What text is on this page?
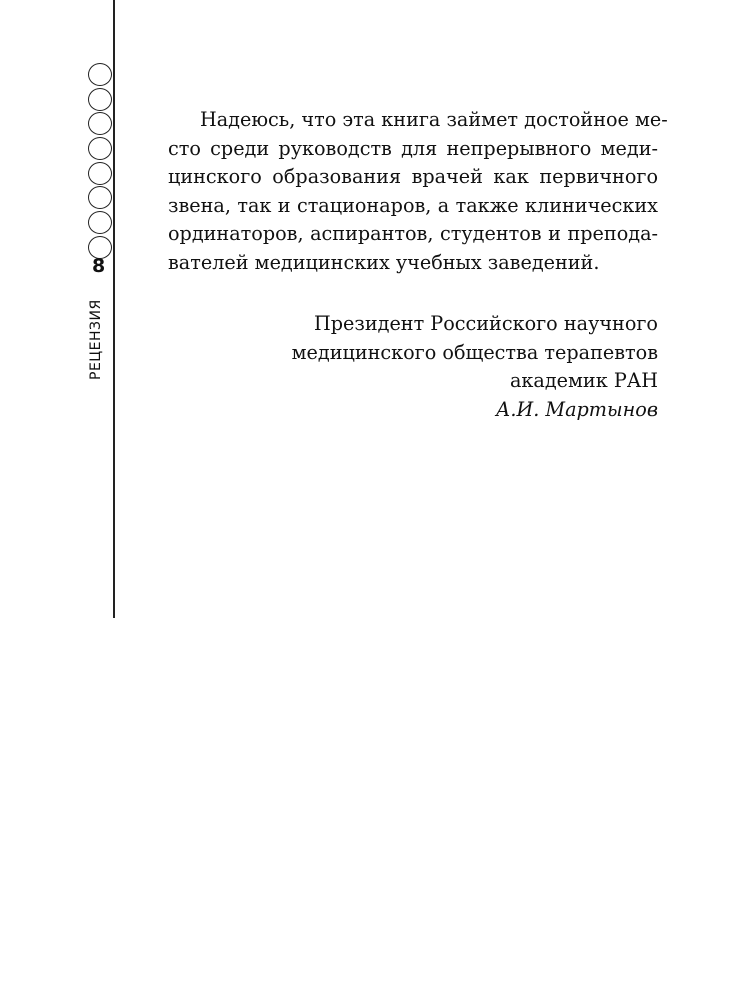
8
РЕЦЕНЗИЯ
Надеюсь, что эта книга займет достойное ме-
сто среди руководств для непрерывного меди-
цинского образования врачей как первичного
звена, так и стационаров, а также клинических
ординаторов, аспирантов, студентов и препода-
вателей медицинских учебных заведений.
Президент Российского научного
медицинского общества терапевтов
академик РАН
А.И. Мартынов
